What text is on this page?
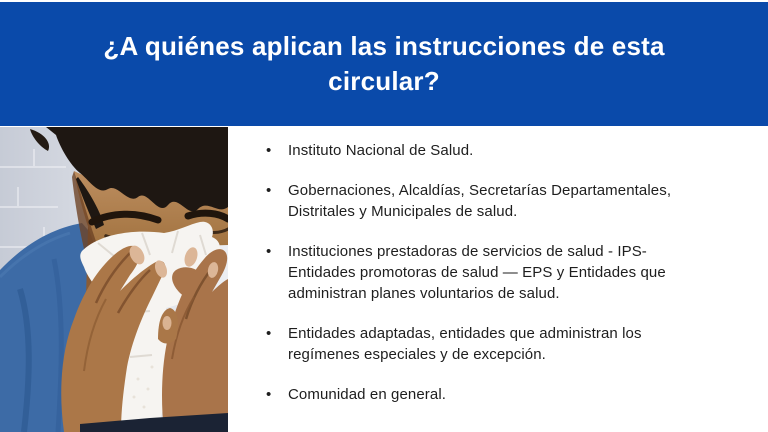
¿A quiénes aplican las instrucciones de esta circular?
•	Instituto Nacional de Salud.
•	Gobernaciones, Alcaldías, Secretarías Departamentales, Distritales y Municipales de salud.
•	Instituciones prestadoras de servicios de salud - IPS- Entidades promotoras de salud — EPS y Entidades que administran planes voluntarios de salud.
•	Entidades adaptadas, entidades que administran los regímenes especiales y de excepción.
•	Comunidad en general.
